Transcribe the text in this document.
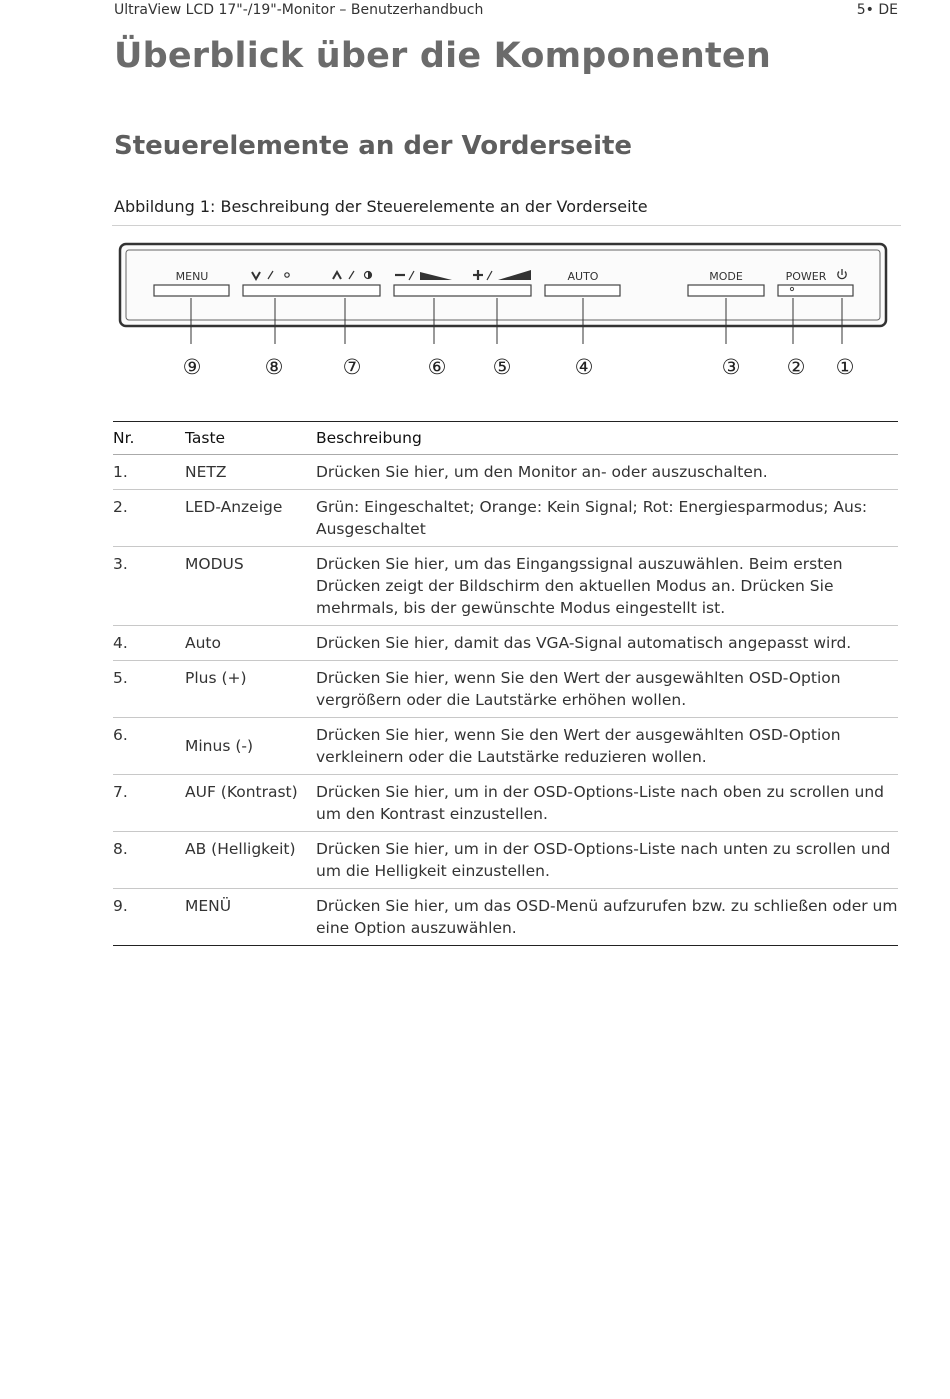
UltraView LCD 17"-/19"-Monitor – Benutzerhandbuch	5• DE
Überblick über die Komponenten
Steuerelemente an der Vorderseite
Abbildung 1: Beschreibung der Steuerelemente an der Vorderseite
MENU	AUTO	MODE	POWER
⑨	⑧	⑦	⑥ ⑤	④	③ ② ①
Nr.	Taste	Beschreibung
1.	NETZ	Drücken Sie hier, um den Monitor an- oder auszuschalten.
2.	LED-Anzeige	Grün: Eingeschaltet; Orange: Kein Signal; Rot: Energiesparmodus; Aus: Ausgeschaltet
3.	MODUS	Drücken Sie hier, um das Eingangssignal auszuwählen. Beim ersten Drücken zeigt der Bildschirm den aktuellen Modus an. Drücken Sie mehrmals, bis der gewünschte Modus eingestellt ist.
4.	Auto	Drücken Sie hier, damit das VGA-Signal automatisch angepasst wird.
5.	Plus (+)	Drücken Sie hier, wenn Sie den Wert der ausgewählten OSD-Option vergrößern oder die Lautstärke erhöhen wollen.
6.	Minus (-)	Drücken Sie hier, wenn Sie den Wert der ausgewählten OSD-Option verkleinern oder die Lautstärke reduzieren wollen.
7.	AUF (Kontrast)	Drücken Sie hier, um in der OSD-Options-Liste nach oben zu scrollen und um den Kontrast einzustellen.
8.	AB (Helligkeit)	Drücken Sie hier, um in der OSD-Options-Liste nach unten zu scrollen und um die Helligkeit einzustellen.
9.	MENÜ	Drücken Sie hier, um das OSD-Menü aufzurufen bzw. zu schließen oder um eine Option auszuwählen.
